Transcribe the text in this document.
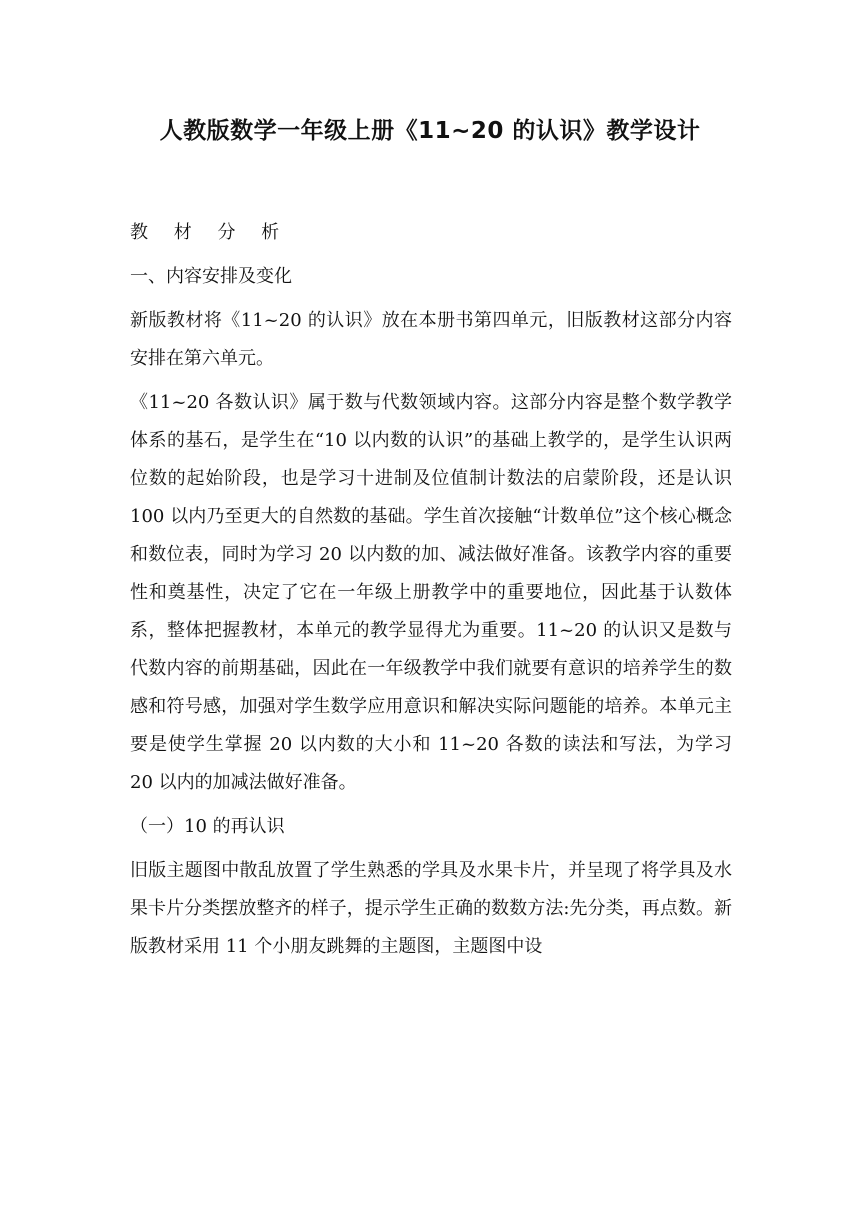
人教版数学一年级上册《11~20 的认识》教学设计

教 材 分 析

一、内容安排及变化

新版教材将《11~20 的认识》放在本册书第四单元，旧版教材这部分内容安排在第六单元。

《11~20 各数认识》属于数与代数领域内容。这部分内容是整个数学教学体系的基石，是学生在“10 以内数的认识”的基础上教学的，是学生认识两位数的起始阶段，也是学习十进制及位值制计数法的启蒙阶段，还是认识 100 以内乃至更大的自然数的基础。学生首次接触“计数单位”这个核心概念和数位表，同时为学习 20 以内数的加、减法做好准备。该教学内容的重要性和奠基性，决定了它在一年级上册教学中的重要地位，因此基于认数体系，整体把握教材，本单元的教学显得尤为重要。11~20 的认识又是数与代数内容的前期基础，因此在一年级教学中我们就要有意识的培养学生的数感和符号感，加强对学生数学应用意识和解决实际问题能的培养。本单元主要是使学生掌握 20 以内数的大小和 11~20 各数的读法和写法，为学习 20 以内的加减法做好准备。

（一）10 的再认识

旧版主题图中散乱放置了学生熟悉的学具及水果卡片，并呈现了将学具及水果卡片分类摆放整齐的样子，提示学生正确的数数方法:先分类，再点数。新版教材采用 11 个小朋友跳舞的主题图，主题图中设
